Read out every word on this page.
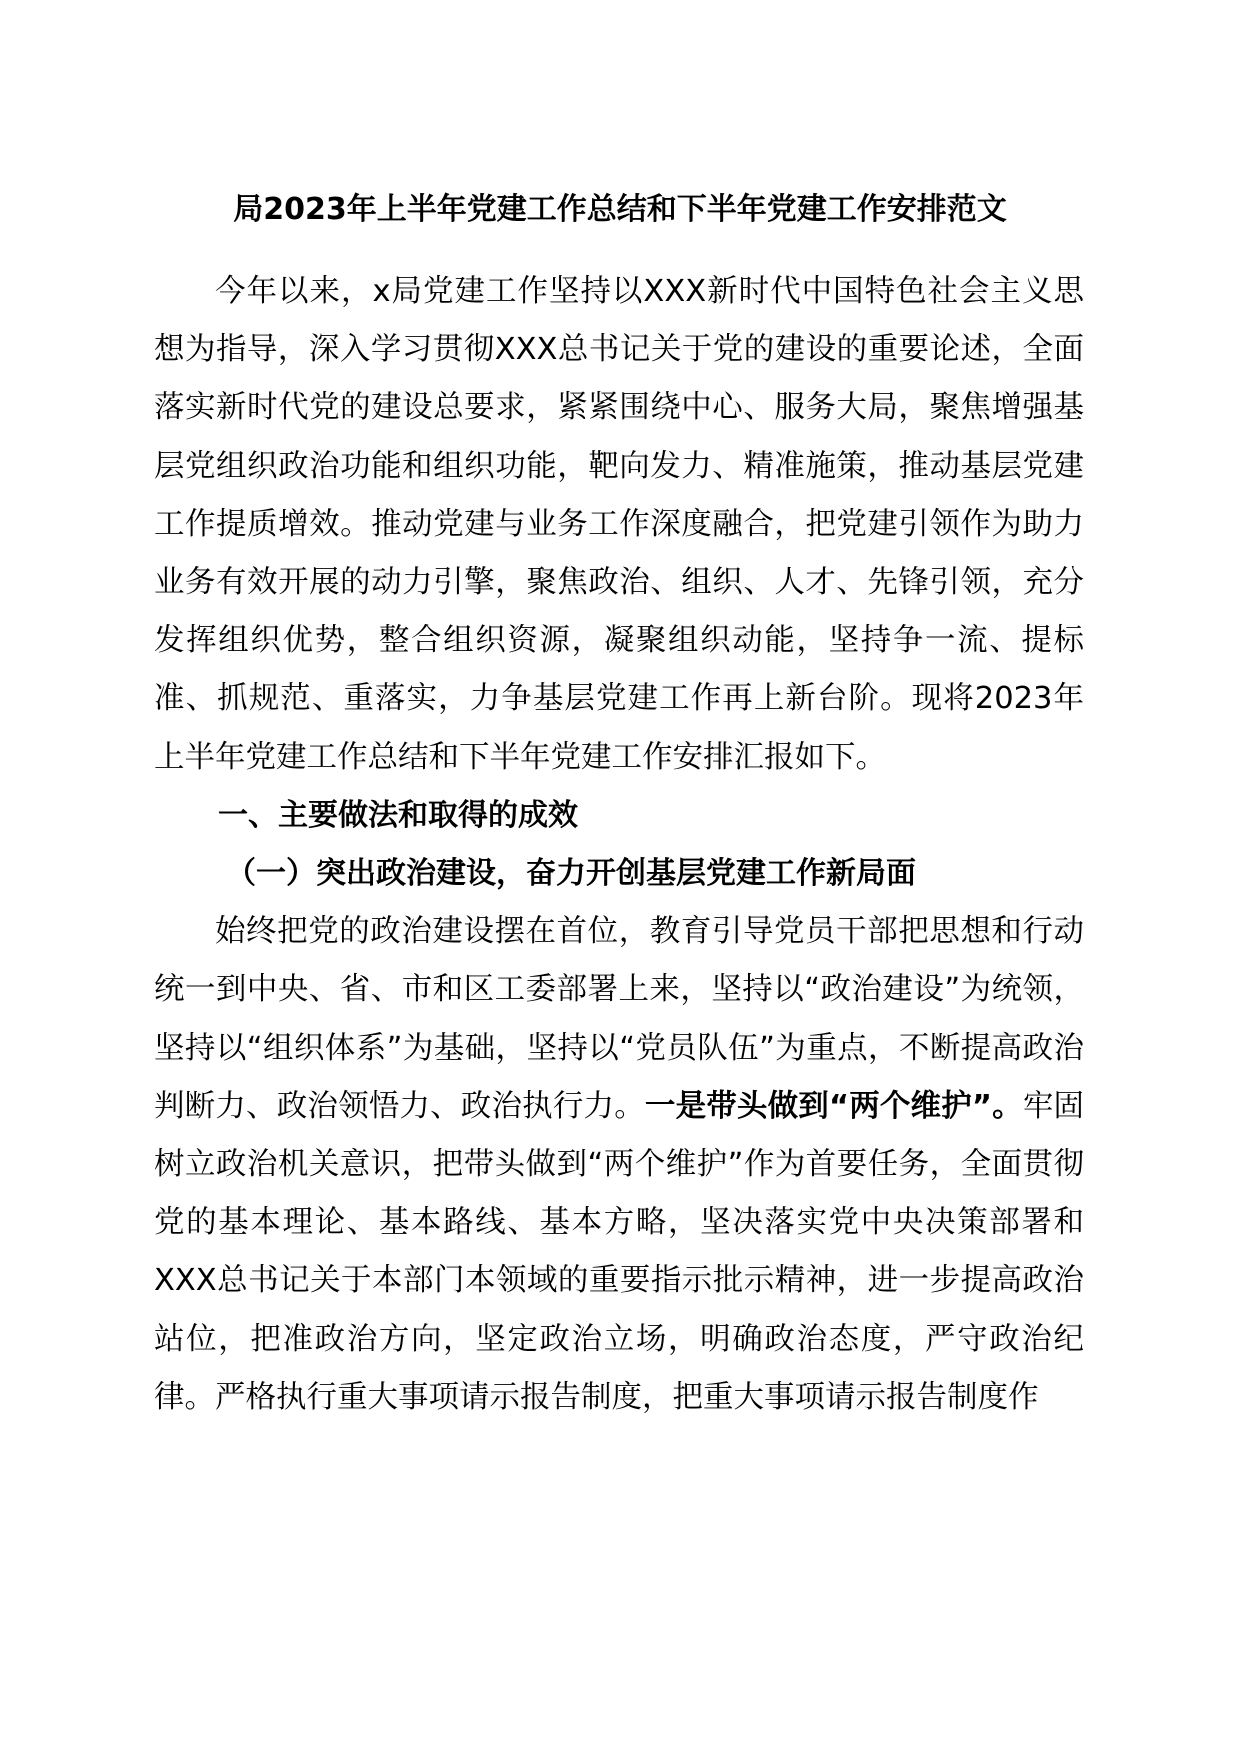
局2023年上半年党建工作总结和下半年党建工作安排范文

今年以来，x局党建工作坚持以XXX新时代中国特色社会主义思想为指导，深入学习贯彻XXX总书记关于党的建设的重要论述，全面落实新时代党的建设总要求，紧紧围绕中心、服务大局，聚焦增强基层党组织政治功能和组织功能，靶向发力、精准施策，推动基层党建工作提质增效。推动党建与业务工作深度融合，把党建引领作为助力业务有效开展的动力引擎，聚焦政治、组织、人才、先锋引领，充分发挥组织优势，整合组织资源，凝聚组织动能，坚持争一流、提标准、抓规范、重落实，力争基层党建工作再上新台阶。现将2023年上半年党建工作总结和下半年党建工作安排汇报如下。

一、主要做法和取得的成效

（一）突出政治建设，奋力开创基层党建工作新局面

始终把党的政治建设摆在首位，教育引导党员干部把思想和行动统一到中央、省、市和区工委部署上来，坚持以“政治建设”为统领，坚持以“组织体系”为基础，坚持以“党员队伍”为重点，不断提高政治判断力、政治领悟力、政治执行力。一是带头做到“两个维护”。牢固树立政治机关意识，把带头做到“两个维护”作为首要任务，全面贯彻党的基本理论、基本路线、基本方略，坚决落实党中央决策部署和XXX总书记关于本部门本领域的重要指示批示精神，进一步提高政治站位，把准政治方向，坚定政治立场，明确政治态度，严守政治纪律。严格执行重大事项请示报告制度，把重大事项请示报告制度作
